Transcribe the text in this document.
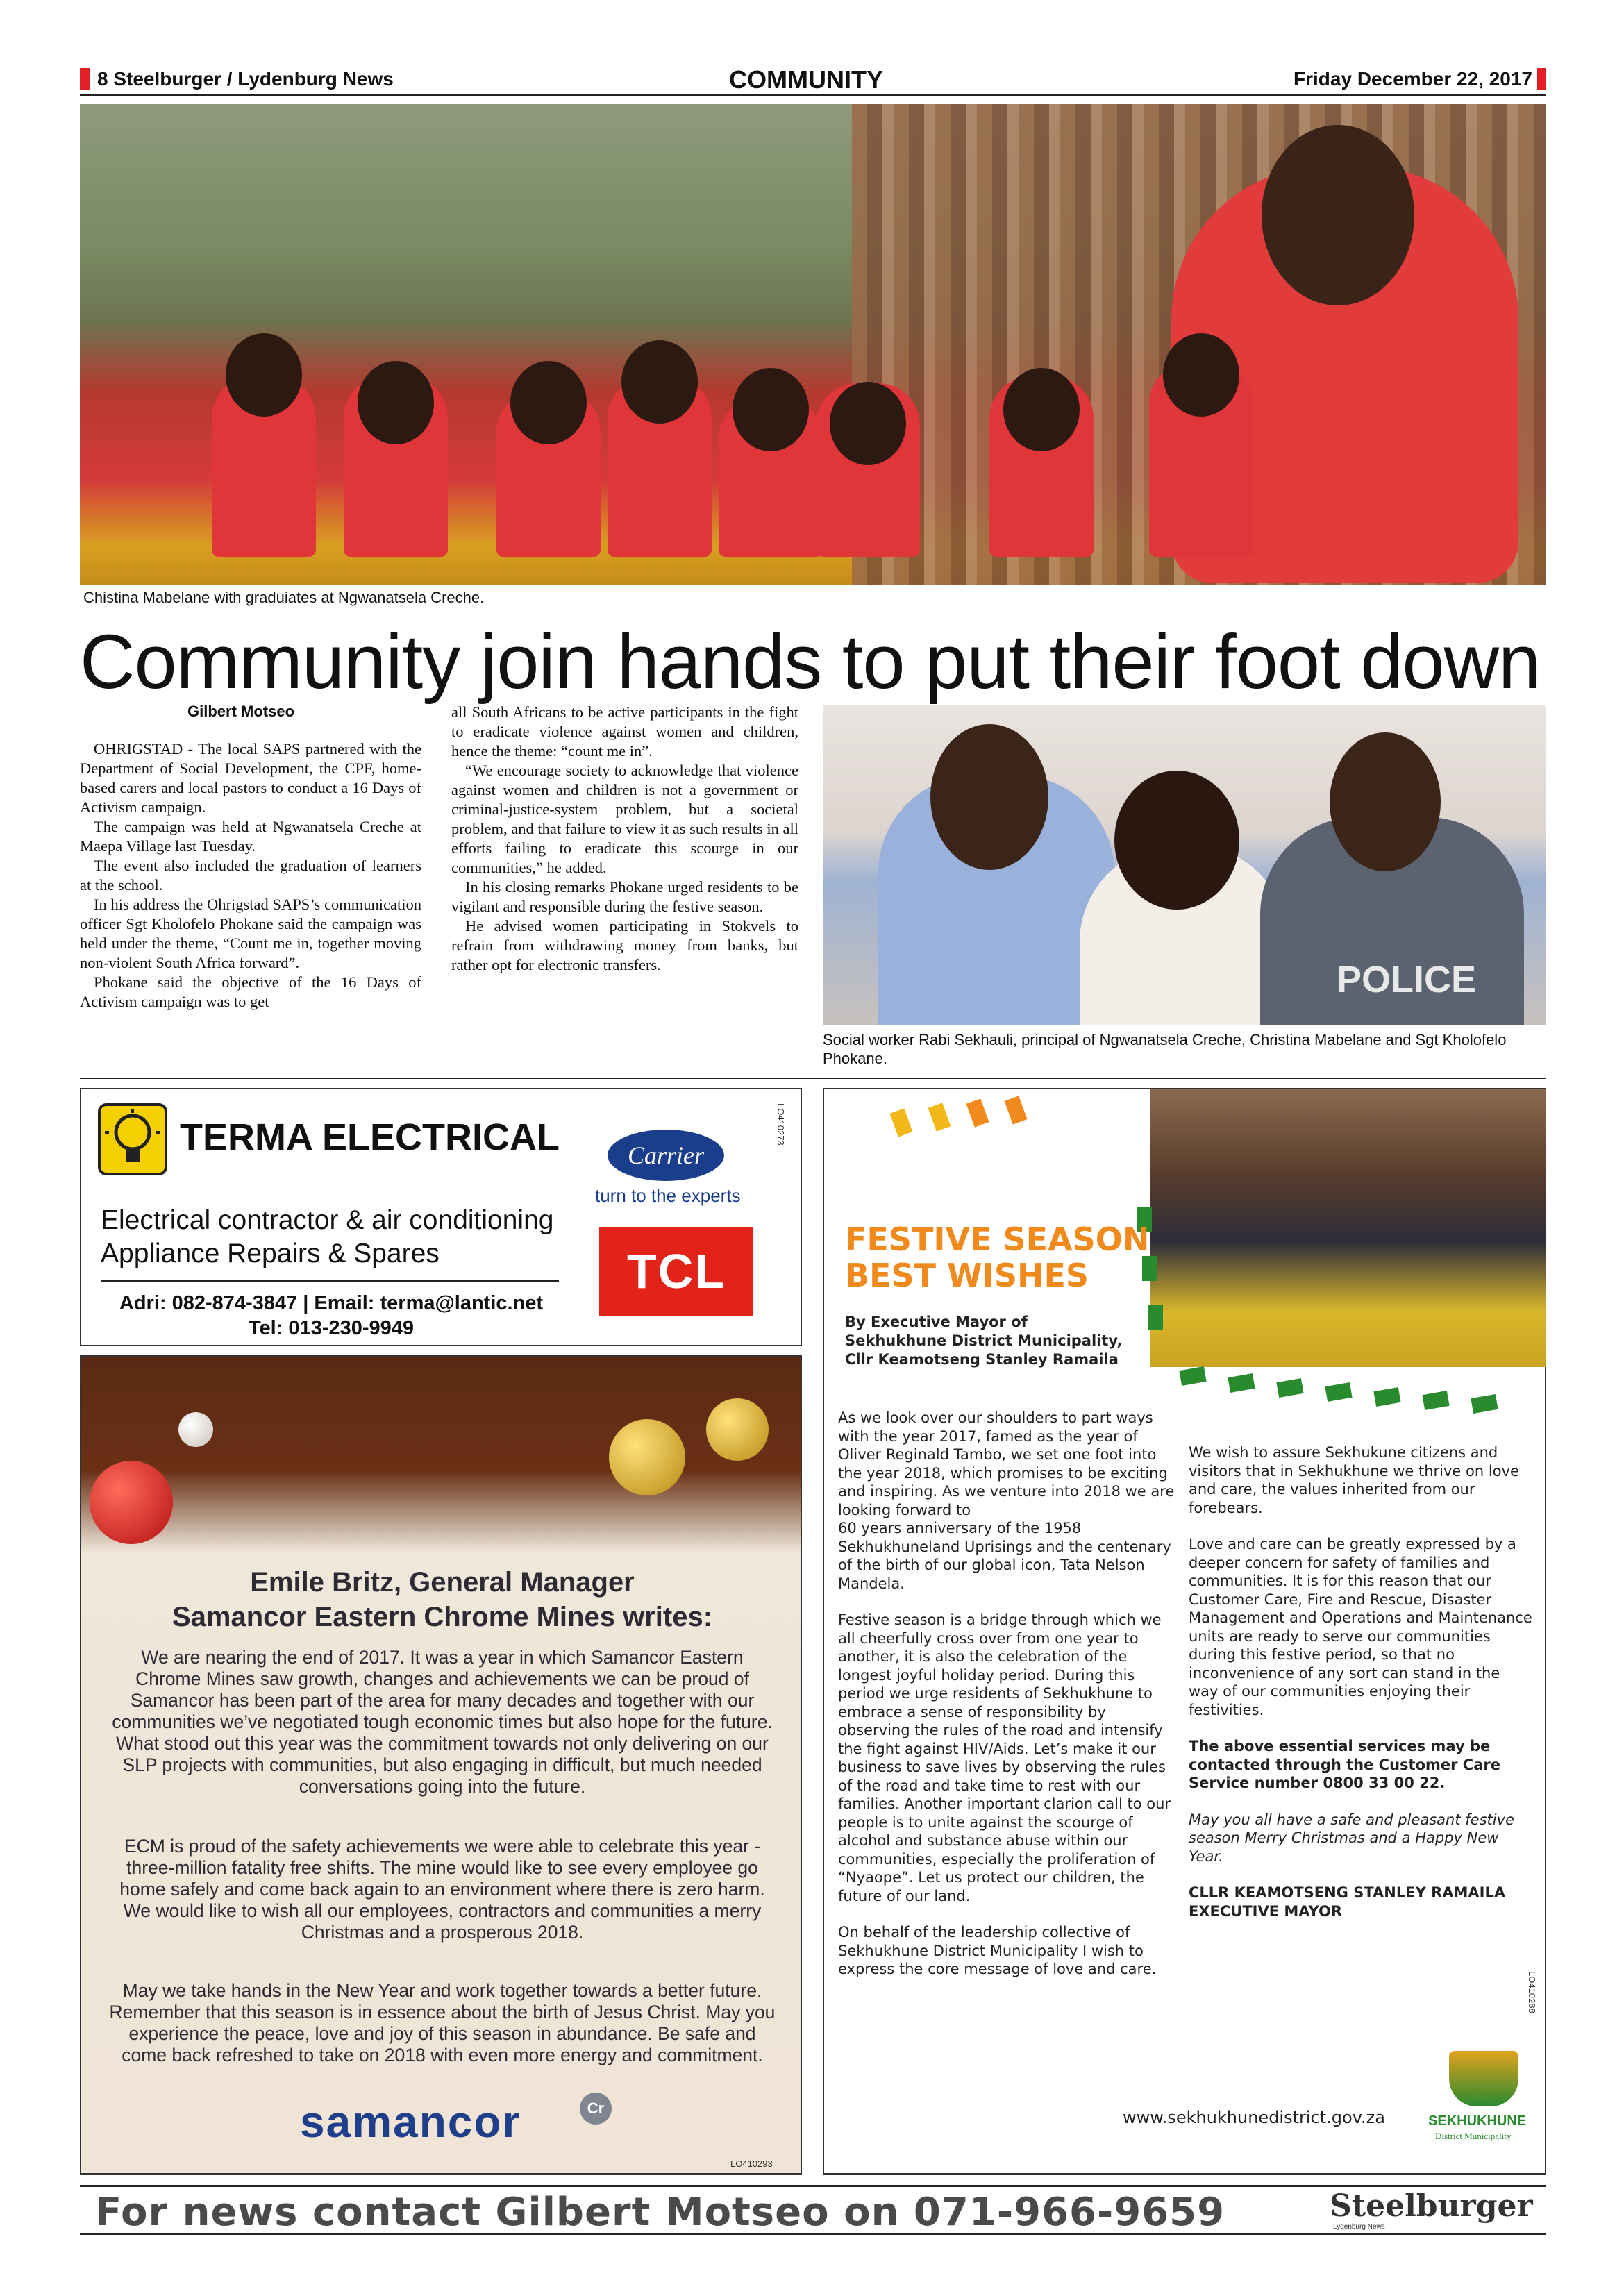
8 Steelburger / Lydenburg News	COMMUNITY	Friday December 22, 2017
Chistina Mabelane with graduiates at Ngwanatsela Creche.
Community join hands to put their foot down
Gilbert Motseo

OHRIGSTAD - The local SAPS partnered with the Department of Social Development, the CPF, home-based carers and local pastors to conduct a 16 Days of Activism campaign.

The campaign was held at Ngwanatsela Creche at Maepa Village last Tuesday.

The event also included the graduation of learners at the school.

In his address the Ohrigstad SAPS’s communication officer Sgt Kholofelo Phokane said the campaign was held under the theme, “Count me in, together moving non-violent South Africa forward”.

Phokane said the objective of the 16 Days of Activism campaign was to get

all South Africans to be active participants in the fight to eradicate violence against women and children, hence the theme: “count me in”.

“We encourage society to acknowledge that violence against women and children is not a government or criminal-justice-system problem, but a societal problem, and that failure to view it as such results in all efforts failing to eradicate this scourge in our communities,” he added.

In his closing remarks Phokane urged residents to be vigilant and responsible during the festive season.

He advised women participating in Stokvels to refrain from withdrawing money from banks, but rather opt for electronic transfers.	POLICE
Social worker Rabi Sekhauli, principal of Ngwanatsela Creche, Christina Mabelane and Sgt Kholofelo Phokane.
TERMA ELECTRICAL	Carrier
turn to the experts
Electrical contractor & air conditioning
Appliance Repairs & Spares
Adri: 082-874-3847 | Email: terma@lantic.net
Tel: 013-230-9949
TCL
LO410273
Emile Britz, General Manager
Samancor Eastern Chrome Mines writes:
We are nearing the end of 2017. It was a year in which Samancor Eastern Chrome Mines saw growth, changes and achievements we can be proud of Samancor has been part of the area for many decades and together with our communities we’ve negotiated tough economic times but also hope for the future. What stood out this year was the commitment towards not only delivering on our SLP projects with communities, but also engaging in difficult, but much needed conversations going into the future.
ECM is proud of the safety achievements we were able to celebrate this year - three-million fatality free shifts. The mine would like to see every employee go home safely and come back again to an environment where there is zero harm. We would like to wish all our employees, contractors and communities a merry Christmas and a prosperous 2018.
May we take hands in the New Year and work together towards a better future. Remember that this season is in essence about the birth of Jesus Christ. May you experience the peace, love and joy of this season in abundance. Be safe and come back refreshed to take on 2018 with even more energy and commitment.
samancor	Cr
LO410293
FESTIVE SEASON
BEST WISHES
By Executive Mayor of
Sekhukhune District Municipality,
Cllr Keamotseng Stanley Ramaila

As we look over our shoulders to part ways with the year 2017, famed as the year of Oliver Reginald Tambo, we set one foot into the year 2018, which promises to be exciting and inspiring. As we venture into 2018 we are looking forward to
60 years anniversary of the 1958 Sekhukhuneland Uprisings and the centenary of the birth of our global icon, Tata Nelson Mandela.

Festive season is a bridge through which we all cheerfully cross over from one year to another, it is also the celebration of the longest joyful holiday period. During this period we urge residents of Sekhukhune to embrace a sense of responsibility by observing the rules of the road and intensify the fight against HIV/Aids. Let’s make it our business to save lives by observing the rules of the road and take time to rest with our families. Another important clarion call to our people is to unite against the scourge of alcohol and substance abuse within our communities, especially the proliferation of “Nyaope”. Let us protect our children, the future of our land.

On behalf of the leadership collective of Sekhukhune District Municipality I wish to express the core message of love and care.

We wish to assure Sekhukune citizens and visitors that in Sekhukhune we thrive on love and care, the values inherited from our forebears.

Love and care can be greatly expressed by a deeper concern for safety of families and communities. It is for this reason that our Customer Care, Fire and Rescue, Disaster Management and Operations and Maintenance units are ready to serve our communities during this festive period, so that no inconvenience of any sort can stand in the way of our communities enjoying their festivities.

The above essential services may be contacted through the Customer Care Service number 0800 33 00 22.

May you all have a safe and pleasant festive season Merry Christmas and a Happy New Year.

CLLR KEAMOTSENG STANLEY RAMAILA
EXECUTIVE MAYOR
www.sekhukhunedistrict.gov.za	SEKHUKHUNE
District Municipality
LO410288
For news contact Gilbert Motseo on 071-966-9659	Steelburger
Lydenburg News
